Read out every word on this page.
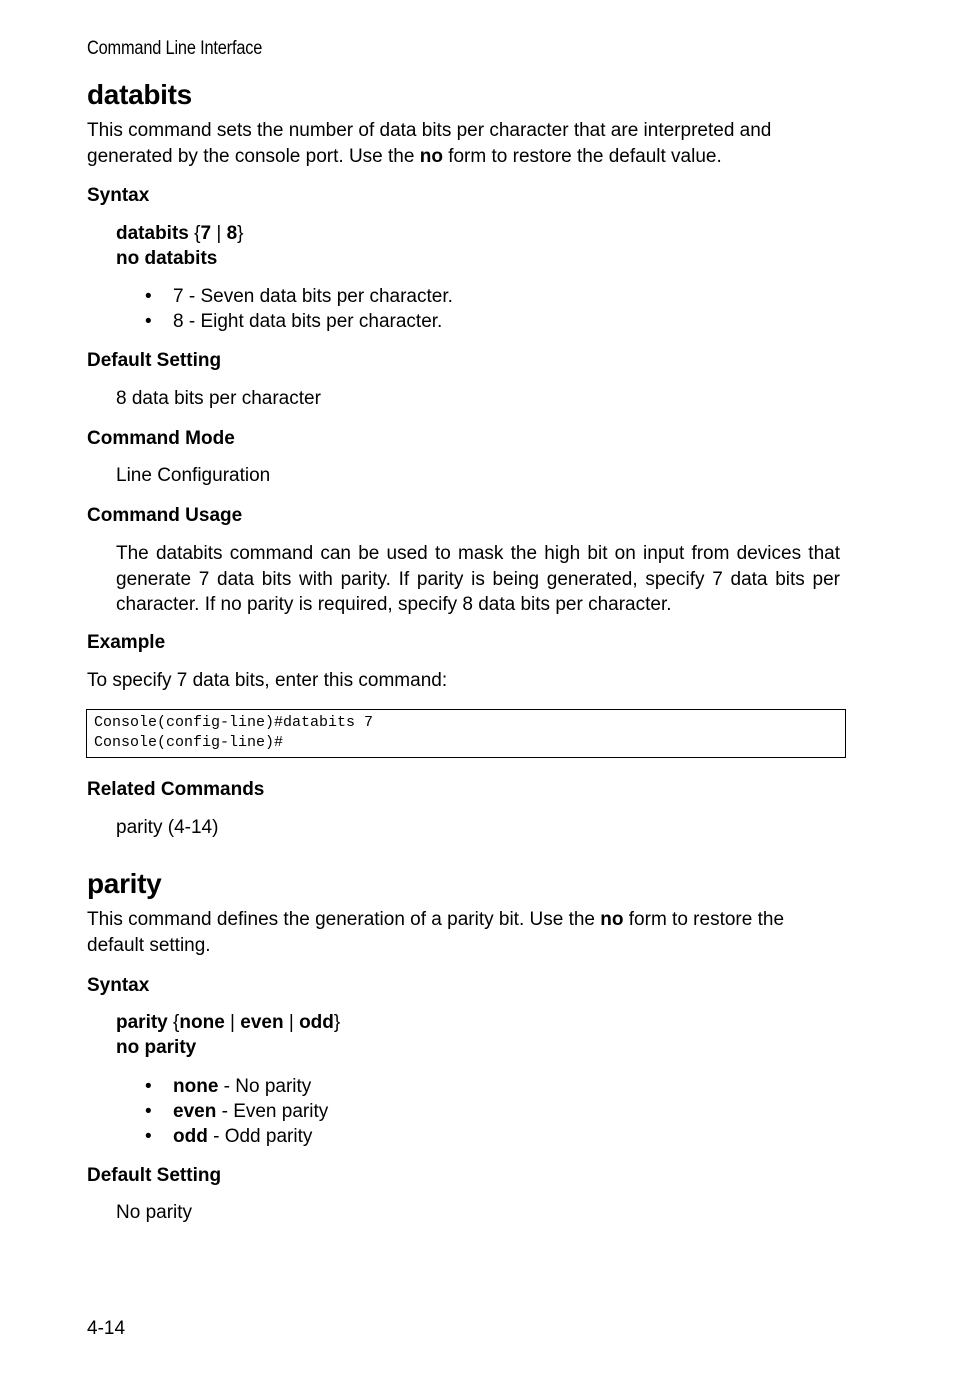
Command Line Interface
databits
This command sets the number of data bits per character that are interpreted and
generated by the console port. Use the no form to restore the default value.
Syntax
databits {7 | 8}
no databits
• 7 - Seven data bits per character.
• 8 - Eight data bits per character.
Default Setting
8 data bits per character
Command Mode
Line Configuration
Command Usage
The databits command can be used to mask the high bit on input from devices that generate 7 data bits with parity. If parity is being generated, specify 7 data bits per character. If no parity is required, specify 8 data bits per character.
Example
To specify 7 data bits, enter this command:
Console(config-line)#databits 7
Console(config-line)#
Related Commands
parity (4-14)
parity
This command defines the generation of a parity bit. Use the no form to restore the
default setting.
Syntax
parity {none | even | odd}
no parity
• none - No parity
• even - Even parity
• odd - Odd parity
Default Setting
No parity
4-14
